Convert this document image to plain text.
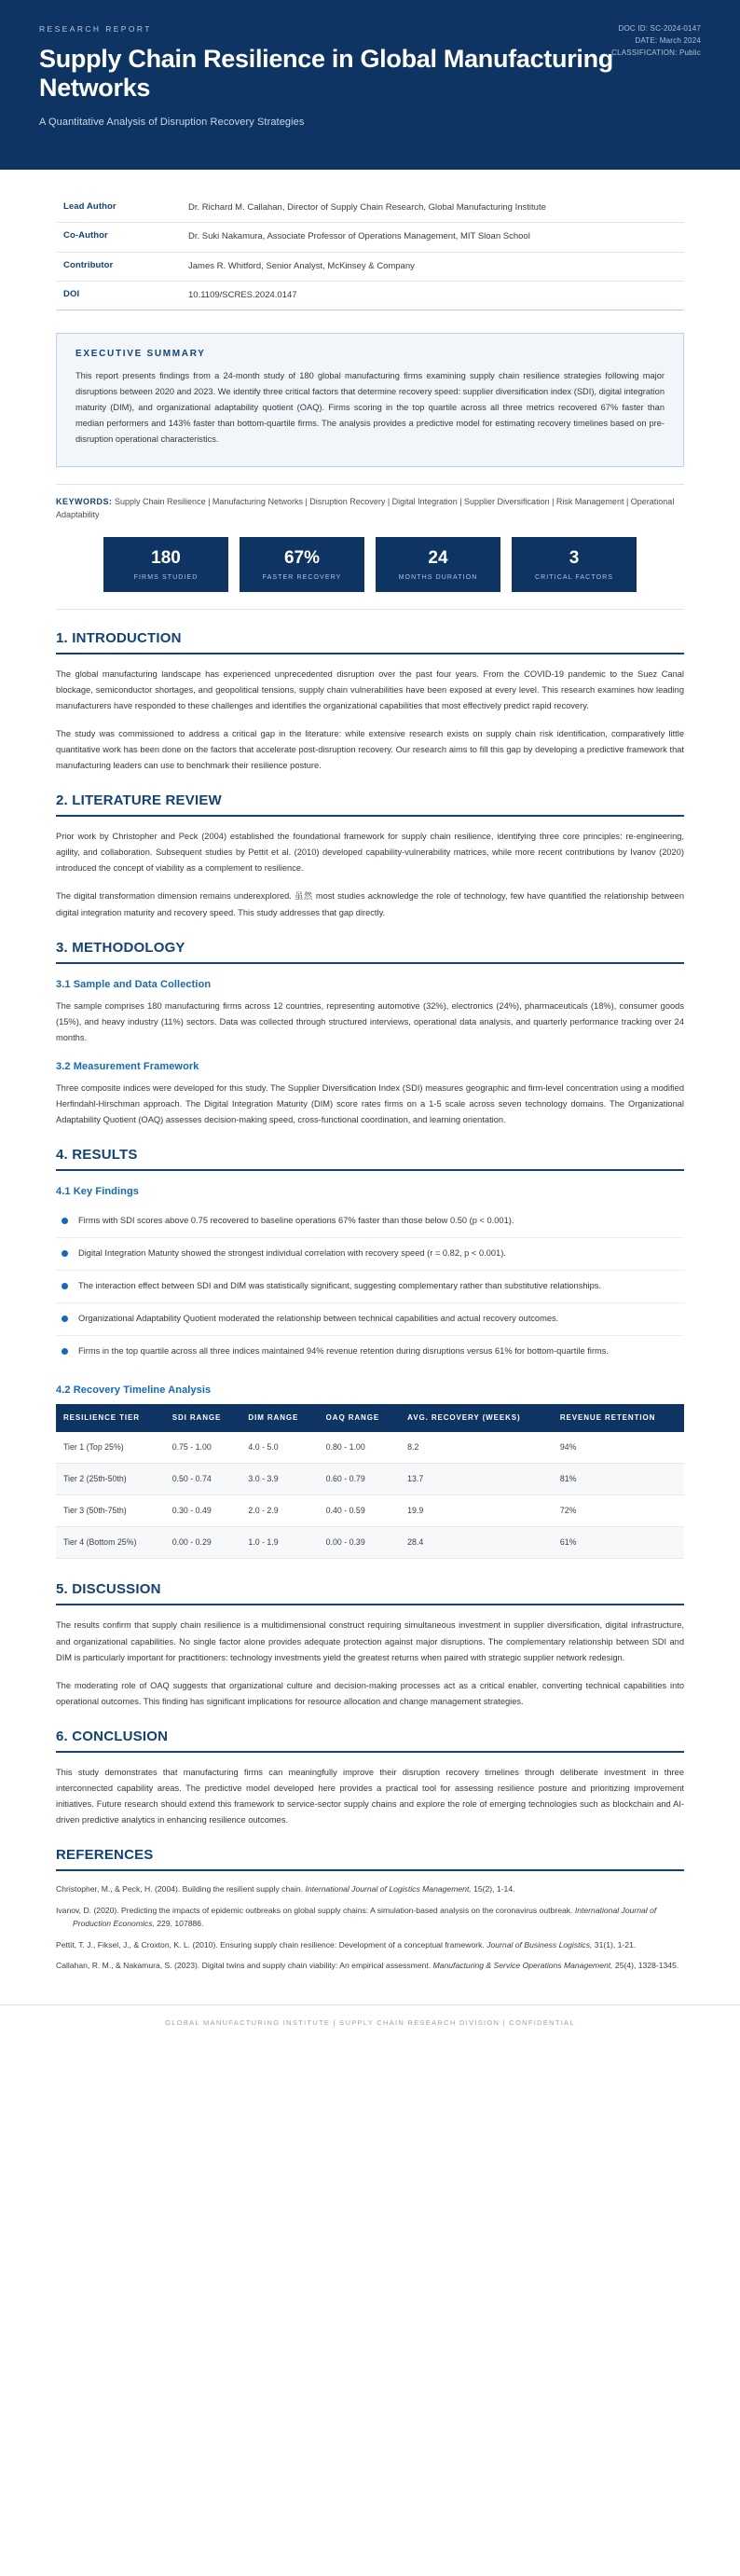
RESEARCH REPORT	DOC ID: SC-2024-0147
DATE: March 2024
CLASSIFICATION: Public
Supply Chain Resilience in Global Manufacturing Networks
A Quantitative Analysis of Disruption Recovery Strategies
Lead Author	Dr. Richard M. Callahan, Director of Supply Chain Research, Global Manufacturing Institute
Co-Author	Dr. Suki Nakamura, Associate Professor of Operations Management, MIT Sloan School
Contributor	James R. Whitford, Senior Analyst, McKinsey & Company
DOI	10.1109/SCRES.2024.0147
EXECUTIVE SUMMARY

This report presents findings from a 24-month study of 180 global manufacturing firms examining supply chain resilience strategies following major disruptions between 2020 and 2023. We identify three critical factors that determine recovery speed: supplier diversification index (SDI), digital integration maturity (DIM), and organizational adaptability quotient (OAQ). Firms scoring in the top quartile across all three metrics recovered 67% faster than median performers and 143% faster than bottom-quartile firms. The analysis provides a predictive model for estimating recovery timelines based on pre-disruption operational characteristics.

KEYWORDS: Supply Chain Resilience | Manufacturing Networks | Disruption Recovery | Digital Integration | Supplier Diversification | Risk Management | Operational Adaptability
180
FIRMS STUDIED
67%
FASTER RECOVERY
24
MONTHS DURATION
3
CRITICAL FACTORS
1. INTRODUCTION

The global manufacturing landscape has experienced unprecedented disruption over the past four years. From the COVID-19 pandemic to the Suez Canal blockage, semiconductor shortages, and geopolitical tensions, supply chain vulnerabilities have been exposed at every level. This research examines how leading manufacturers have responded to these challenges and identifies the organizational capabilities that most effectively predict rapid recovery.

The study was commissioned to address a critical gap in the literature: while extensive research exists on supply chain risk identification, comparatively little quantitative work has been done on the factors that accelerate post-disruption recovery. Our research aims to fill this gap by developing a predictive framework that manufacturing leaders can use to benchmark their resilience posture.

2. LITERATURE REVIEW

Prior work by Christopher and Peck (2004) established the foundational framework for supply chain resilience, identifying three core principles: re-engineering, agility, and collaboration. Subsequent studies by Pettit et al. (2010) developed capability-vulnerability matrices, while more recent contributions by Ivanov (2020) introduced the concept of viability as a complement to resilience.

The digital transformation dimension remains underexplored. 虽然 most studies acknowledge the role of technology, few have quantified the relationship between digital integration maturity and recovery speed. This study addresses that gap directly.

3. METHODOLOGY
3.1 Sample and Data Collection

The sample comprises 180 manufacturing firms across 12 countries, representing automotive (32%), electronics (24%), pharmaceuticals (18%), consumer goods (15%), and heavy industry (11%) sectors. Data was collected through structured interviews, operational data analysis, and quarterly performance tracking over 24 months.

3.2 Measurement Framework

Three composite indices were developed for this study. The Supplier Diversification Index (SDI) measures geographic and firm-level concentration using a modified Herfindahl-Hirschman approach. The Digital Integration Maturity (DIM) score rates firms on a 1-5 scale across seven technology domains. The Organizational Adaptability Quotient (OAQ) assesses decision-making speed, cross-functional coordination, and learning orientation.

4. RESULTS
4.1 Key Findings
Firms with SDI scores above 0.75 recovered to baseline operations 67% faster than those below 0.50 (p < 0.001).
Digital Integration Maturity showed the strongest individual correlation with recovery speed (r = 0.82, p < 0.001).
The interaction effect between SDI and DIM was statistically significant, suggesting complementary rather than substitutive relationships.
Organizational Adaptability Quotient moderated the relationship between technical capabilities and actual recovery outcomes.
Firms in the top quartile across all three indices maintained 94% revenue retention during disruptions versus 61% for bottom-quartile firms.
4.2 Recovery Timeline Analysis
RESILIENCE TIER	SDI RANGE	DIM RANGE	OAQ RANGE	AVG. RECOVERY (WEEKS)	REVENUE RETENTION
Tier 1 (Top 25%)	0.75 - 1.00	4.0 - 5.0	0.80 - 1.00	8.2	94%
Tier 2 (25th-50th)	0.50 - 0.74	3.0 - 3.9	0.60 - 0.79	13.7	81%
Tier 3 (50th-75th)	0.30 - 0.49	2.0 - 2.9	0.40 - 0.59	19.9	72%
Tier 4 (Bottom 25%)	0.00 - 0.29	1.0 - 1.9	0.00 - 0.39	28.4	61%
5. DISCUSSION

The results confirm that supply chain resilience is a multidimensional construct requiring simultaneous investment in supplier diversification, digital infrastructure, and organizational capabilities. No single factor alone provides adequate protection against major disruptions. The complementary relationship between SDI and DIM is particularly important for practitioners: technology investments yield the greatest returns when paired with strategic supplier network redesign.

The moderating role of OAQ suggests that organizational culture and decision-making processes act as a critical enabler, converting technical capabilities into operational outcomes. This finding has significant implications for resource allocation and change management strategies.

6. CONCLUSION

This study demonstrates that manufacturing firms can meaningfully improve their disruption recovery timelines through deliberate investment in three interconnected capability areas. The predictive model developed here provides a practical tool for assessing resilience posture and prioritizing improvement initiatives. Future research should extend this framework to service-sector supply chains and explore the role of emerging technologies such as blockchain and AI-driven predictive analytics in enhancing resilience outcomes.

REFERENCES
Christopher, M., & Peck, H. (2004). Building the resilient supply chain. International Journal of Logistics Management, 15(2), 1-14.
Ivanov, D. (2020). Predicting the impacts of epidemic outbreaks on global supply chains: A simulation-based analysis on the coronavirus outbreak. International Journal of Production Economics, 229, 107886.
Pettit, T. J., Fiksel, J., & Croxton, K. L. (2010). Ensuring supply chain resilience: Development of a conceptual framework. Journal of Business Logistics, 31(1), 1-21.
Callahan, R. M., & Nakamura, S. (2023). Digital twins and supply chain viability: An empirical assessment. Manufacturing & Service Operations Management, 25(4), 1328-1345.
GLOBAL MANUFACTURING INSTITUTE | SUPPLY CHAIN RESEARCH DIVISION | CONFIDENTIAL
